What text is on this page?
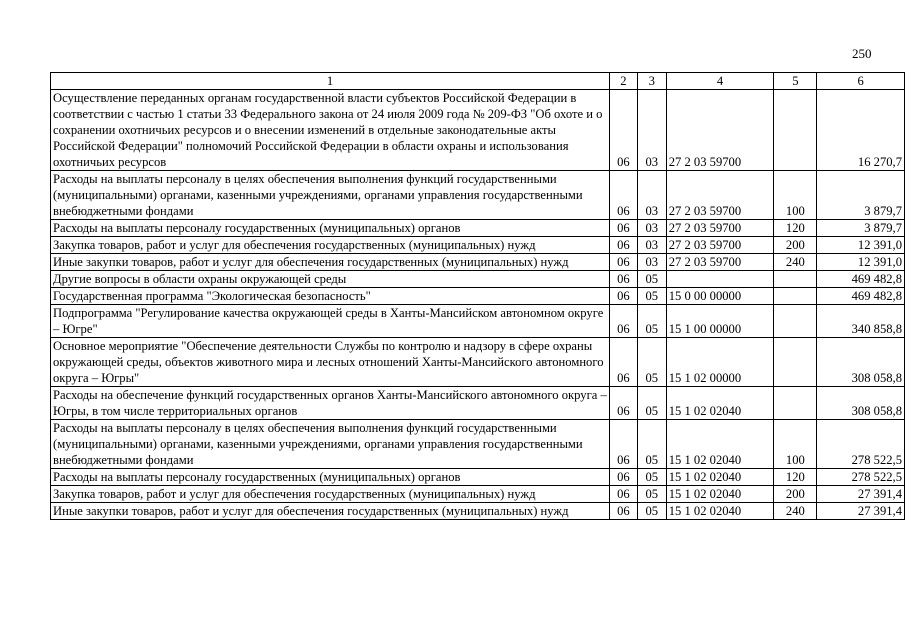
250
1	2	3	4	5	6
Осуществление переданных органам государственной власти субъектов Российской Федерации в соответствии с частью 1 статьи 33 Федерального закона от 24 июля 2009 года № 209-ФЗ "Об охоте и о сохранении охотничьих ресурсов и о внесении изменений в отдельные законодательные акты Российской Федерации" полномочий Российской Федерации в области охраны и использования охотничьих ресурсов	06	03	27 2 03 59700		16 270,7
Расходы на выплаты персоналу в целях обеспечения выполнения функций государственными (муниципальными) органами, казенными учреждениями, органами управления государственными внебюджетными фондами	06	03	27 2 03 59700	100	3 879,7
Расходы на выплаты персоналу государственных (муниципальных) органов	06	03	27 2 03 59700	120	3 879,7
Закупка товаров, работ и услуг для обеспечения государственных (муниципальных) нужд	06	03	27 2 03 59700	200	12 391,0
Иные закупки товаров, работ и услуг для обеспечения государственных (муниципальных) нужд	06	03	27 2 03 59700	240	12 391,0
Другие вопросы в области охраны окружающей среды	06	05			469 482,8
Государственная программа "Экологическая безопасность"	06	05	15 0 00 00000		469 482,8
Подпрограмма "Регулирование качества окружающей среды в Ханты-Мансийском автономном округе – Югре"	06	05	15 1 00 00000		340 858,8
Основное мероприятие "Обеспечение деятельности Службы по контролю и надзору в сфере охраны окружающей среды, объектов животного мира и лесных отношений Ханты-Мансийского автономного округа – Югры"	06	05	15 1 02 00000		308 058,8
Расходы на обеспечение функций государственных органов Ханты-Мансийского автономного округа – Югры, в том числе территориальных органов	06	05	15 1 02 02040		308 058,8
Расходы на выплаты персоналу в целях обеспечения выполнения функций государственными (муниципальными) органами, казенными учреждениями, органами управления государственными внебюджетными фондами	06	05	15 1 02 02040	100	278 522,5
Расходы на выплаты персоналу государственных (муниципальных) органов	06	05	15 1 02 02040	120	278 522,5
Закупка товаров, работ и услуг для обеспечения государственных (муниципальных) нужд	06	05	15 1 02 02040	200	27 391,4
Иные закупки товаров, работ и услуг для обеспечения государственных (муниципальных) нужд	06	05	15 1 02 02040	240	27 391,4
